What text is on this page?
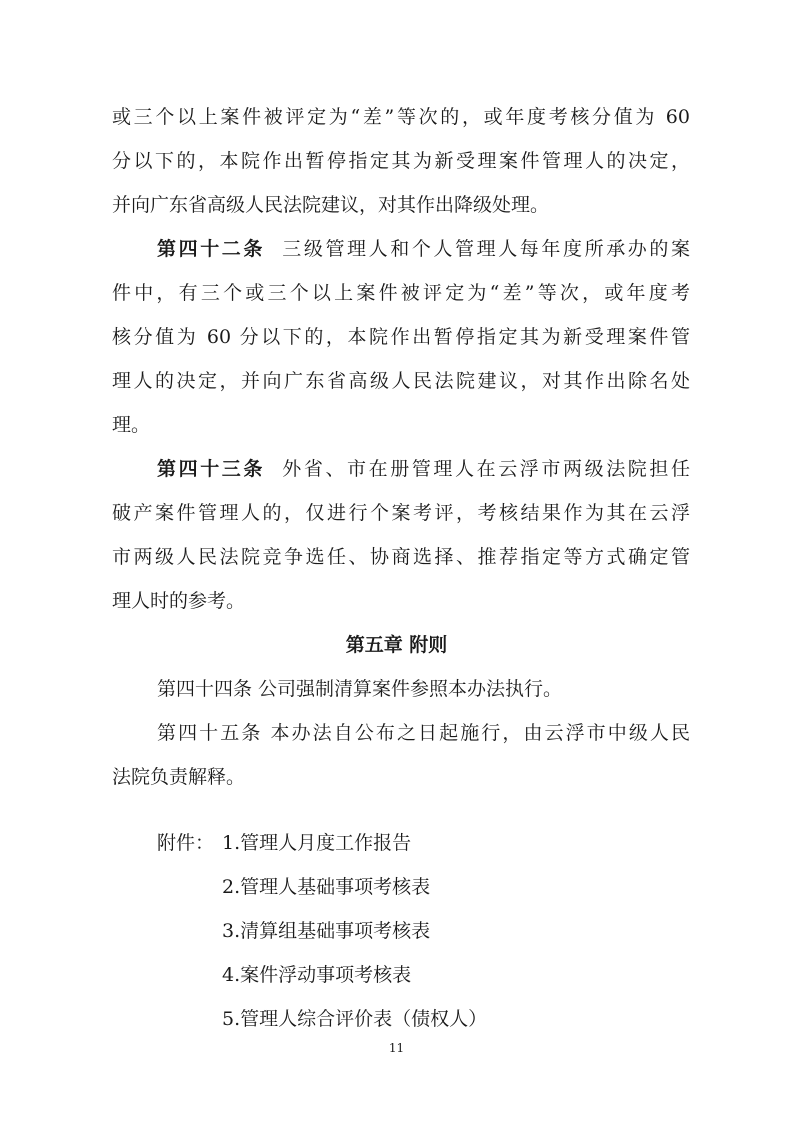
或三个以上案件被评定为“差”等次的，或年度考核分值为 60
分以下的，本院作出暂停指定其为新受理案件管理人的决定，
并向广东省高级人民法院建议，对其作出降级处理。
第四十二条 三级管理人和个人管理人每年度所承办的案
件中，有三个或三个以上案件被评定为“差”等次，或年度考
核分值为 60 分以下的，本院作出暂停指定其为新受理案件管
理人的决定，并向广东省高级人民法院建议，对其作出除名处
理。
第四十三条 外省、市在册管理人在云浮市两级法院担任
破产案件管理人的，仅进行个案考评，考核结果作为其在云浮
市两级人民法院竞争选任、协商选择、推荐指定等方式确定管
理人时的参考。
第五章 附则
第四十四条 公司强制清算案件参照本办法执行。
第四十五条 本办法自公布之日起施行，由云浮市中级人民
法院负责解释。
附件： 1.管理人月度工作报告
2.管理人基础事项考核表
3.清算组基础事项考核表
4.案件浮动事项考核表
5.管理人综合评价表（债权人）
11
